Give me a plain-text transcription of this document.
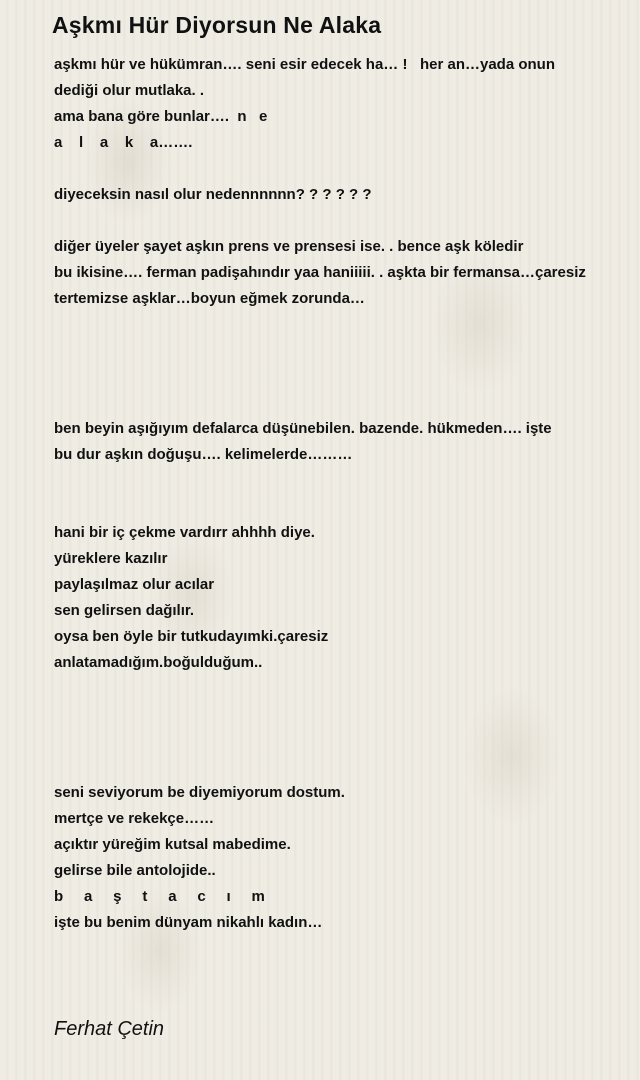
Aşkmı Hür Diyorsun Ne Alaka
aşkmı hür ve hükümran…. seni esir edecek ha… !   her an…yada onun
dediği olur mutlaka. .
ama bana göre bunlar….  n   e
a    l    a    k    a…….
diyeceksin nasıl olur nedennnnnn? ? ? ? ? ?
diğer üyeler şayet aşkın prens ve prensesi ise. . bence aşk köledir
bu ikisine…. ferman padişahındır yaa haniiiii. . aşkta bir fermansa…çaresiz
tertemizse aşklar…boyun eğmek zorunda…
ben beyin aşığıyım defalarca düşünebilen. bazende. hükmeden…. işte
bu dur aşkın doğuşu…. kelimelerde………
hani bir iç çekme vardırr ahhhh diye.
yüreklere kazılır
paylaşılmaz olur acılar
sen gelirsen dağılır.
oysa ben öyle bir tutkudayımki.çaresiz
anlatamadığım.boğulduğum..
seni seviyorum be diyemiyorum dostum.
mertçe ve rekekçe……
açıktır yüreğim kutsal mabedime.
gelirse bile antolojide..
b     a     ş     t     a     c     ı     m
işte bu benim dünyam nikahlı kadın…

Ferhat Çetin
